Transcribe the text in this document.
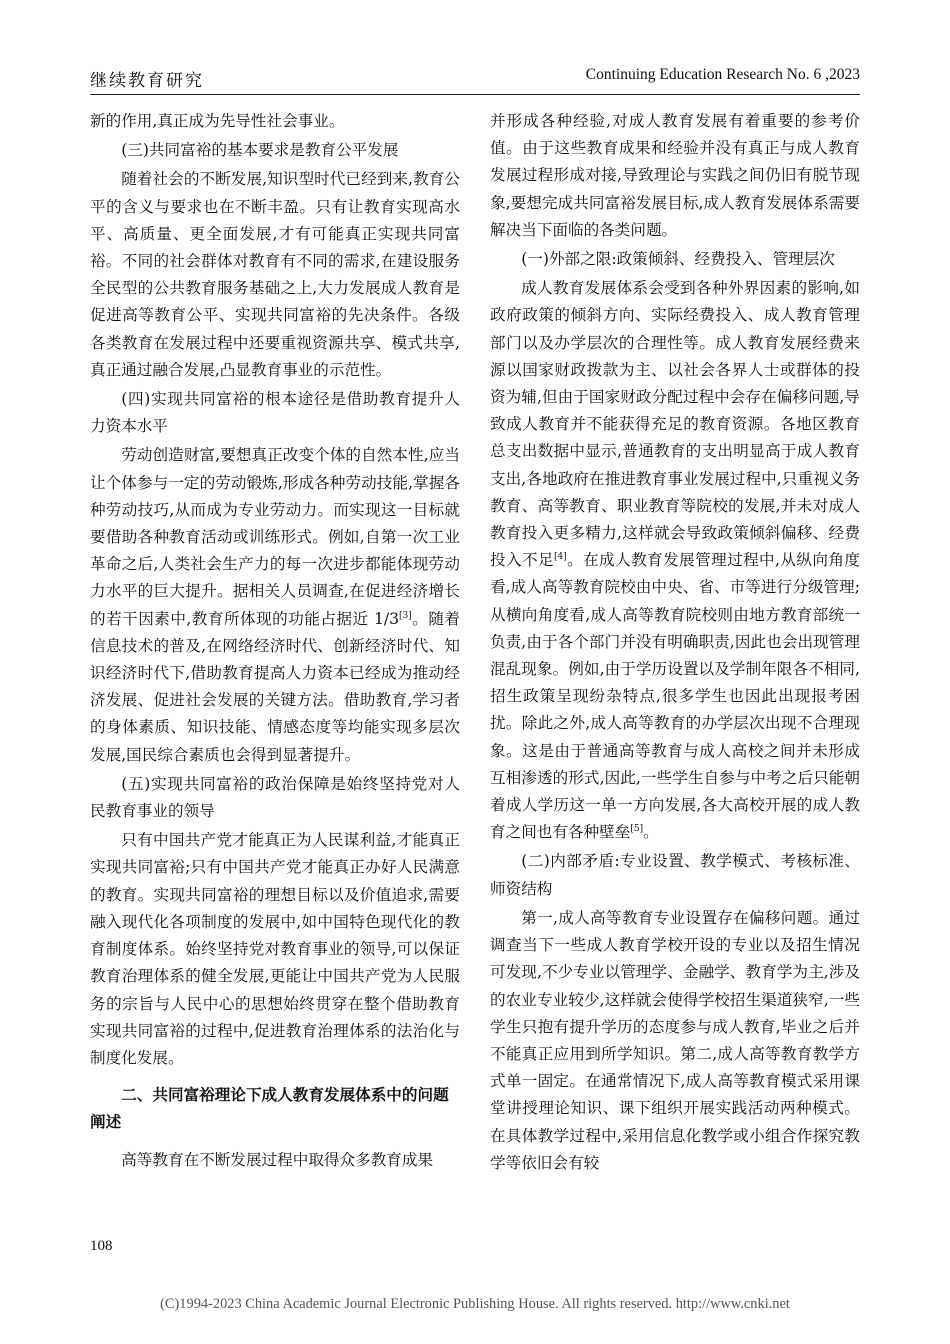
继续教育研究	Continuing Education Research No. 6 ,2023

新的作用,真正成为先导性社会事业。

(三)共同富裕的基本要求是教育公平发展

随着社会的不断发展,知识型时代已经到来,教育公平的含义与要求也在不断丰盈。只有让教育实现高水平、高质量、更全面发展,才有可能真正实现共同富裕。不同的社会群体对教育有不同的需求,在建设服务全民型的公共教育服务基础之上,大力发展成人教育是促进高等教育公平、实现共同富裕的先决条件。各级各类教育在发展过程中还要重视资源共享、模式共享,真正通过融合发展,凸显教育事业的示范性。

(四)实现共同富裕的根本途径是借助教育提升人力资本水平

劳动创造财富,要想真正改变个体的自然本性,应当让个体参与一定的劳动锻炼,形成各种劳动技能,掌握各种劳动技巧,从而成为专业劳动力。而实现这一目标就要借助各种教育活动或训练形式。例如,自第一次工业革命之后,人类社会生产力的每一次进步都能体现劳动力水平的巨大提升。据相关人员调查,在促进经济增长的若干因素中,教育所体现的功能占据近 1/3[3]。随着信息技术的普及,在网络经济时代、创新经济时代、知识经济时代下,借助教育提高人力资本已经成为推动经济发展、促进社会发展的关键方法。借助教育,学习者的身体素质、知识技能、情感态度等均能实现多层次发展,国民综合素质也会得到显著提升。

(五)实现共同富裕的政治保障是始终坚持党对人民教育事业的领导

只有中国共产党才能真正为人民谋利益,才能真正实现共同富裕;只有中国共产党才能真正办好人民满意的教育。实现共同富裕的理想目标以及价值追求,需要融入现代化各项制度的发展中,如中国特色现代化的教育制度体系。始终坚持党对教育事业的领导,可以保证教育治理体系的健全发展,更能让中国共产党为人民服务的宗旨与人民中心的思想始终贯穿在整个借助教育实现共同富裕的过程中,促进教育治理体系的法治化与制度化发展。

二、共同富裕理论下成人教育发展体系中的问题阐述

高等教育在不断发展过程中取得众多教育成果

并形成各种经验,对成人教育发展有着重要的参考价值。由于这些教育成果和经验并没有真正与成人教育发展过程形成对接,导致理论与实践之间仍旧有脱节现象,要想完成共同富裕发展目标,成人教育发展体系需要解决当下面临的各类问题。

(一)外部之限:政策倾斜、经费投入、管理层次

成人教育发展体系会受到各种外界因素的影响,如政府政策的倾斜方向、实际经费投入、成人教育管理部门以及办学层次的合理性等。成人教育发展经费来源以国家财政拨款为主、以社会各界人士或群体的投资为辅,但由于国家财政分配过程中会存在偏移问题,导致成人教育并不能获得充足的教育资源。各地区教育总支出数据中显示,普通教育的支出明显高于成人教育支出,各地政府在推进教育事业发展过程中,只重视义务教育、高等教育、职业教育等院校的发展,并未对成人教育投入更多精力,这样就会导致政策倾斜偏移、经费投入不足[4]。在成人教育发展管理过程中,从纵向角度看,成人高等教育院校由中央、省、市等进行分级管理;从横向角度看,成人高等教育院校则由地方教育部统一负责,由于各个部门并没有明确职责,因此也会出现管理混乱现象。例如,由于学历设置以及学制年限各不相同,招生政策呈现纷杂特点,很多学生也因此出现报考困扰。除此之外,成人高等教育的办学层次出现不合理现象。这是由于普通高等教育与成人高校之间并未形成互相渗透的形式,因此,一些学生自参与中考之后只能朝着成人学历这一单一方向发展,各大高校开展的成人教育之间也有各种壁垒[5]。

(二)内部矛盾:专业设置、教学模式、考核标准、师资结构

第一,成人高等教育专业设置存在偏移问题。通过调查当下一些成人教育学校开设的专业以及招生情况可发现,不少专业以管理学、金融学、教育学为主,涉及的农业专业较少,这样就会使得学校招生渠道狭窄,一些学生只抱有提升学历的态度参与成人教育,毕业之后并不能真正应用到所学知识。第二,成人高等教育教学方式单一固定。在通常情况下,成人高等教育模式采用课堂讲授理论知识、课下组织开展实践活动两种模式。在具体教学过程中,采用信息化教学或小组合作探究教学等依旧会有较

108
(C)1994-2023 China Academic Journal Electronic Publishing House. All rights reserved. http://www.cnki.net
